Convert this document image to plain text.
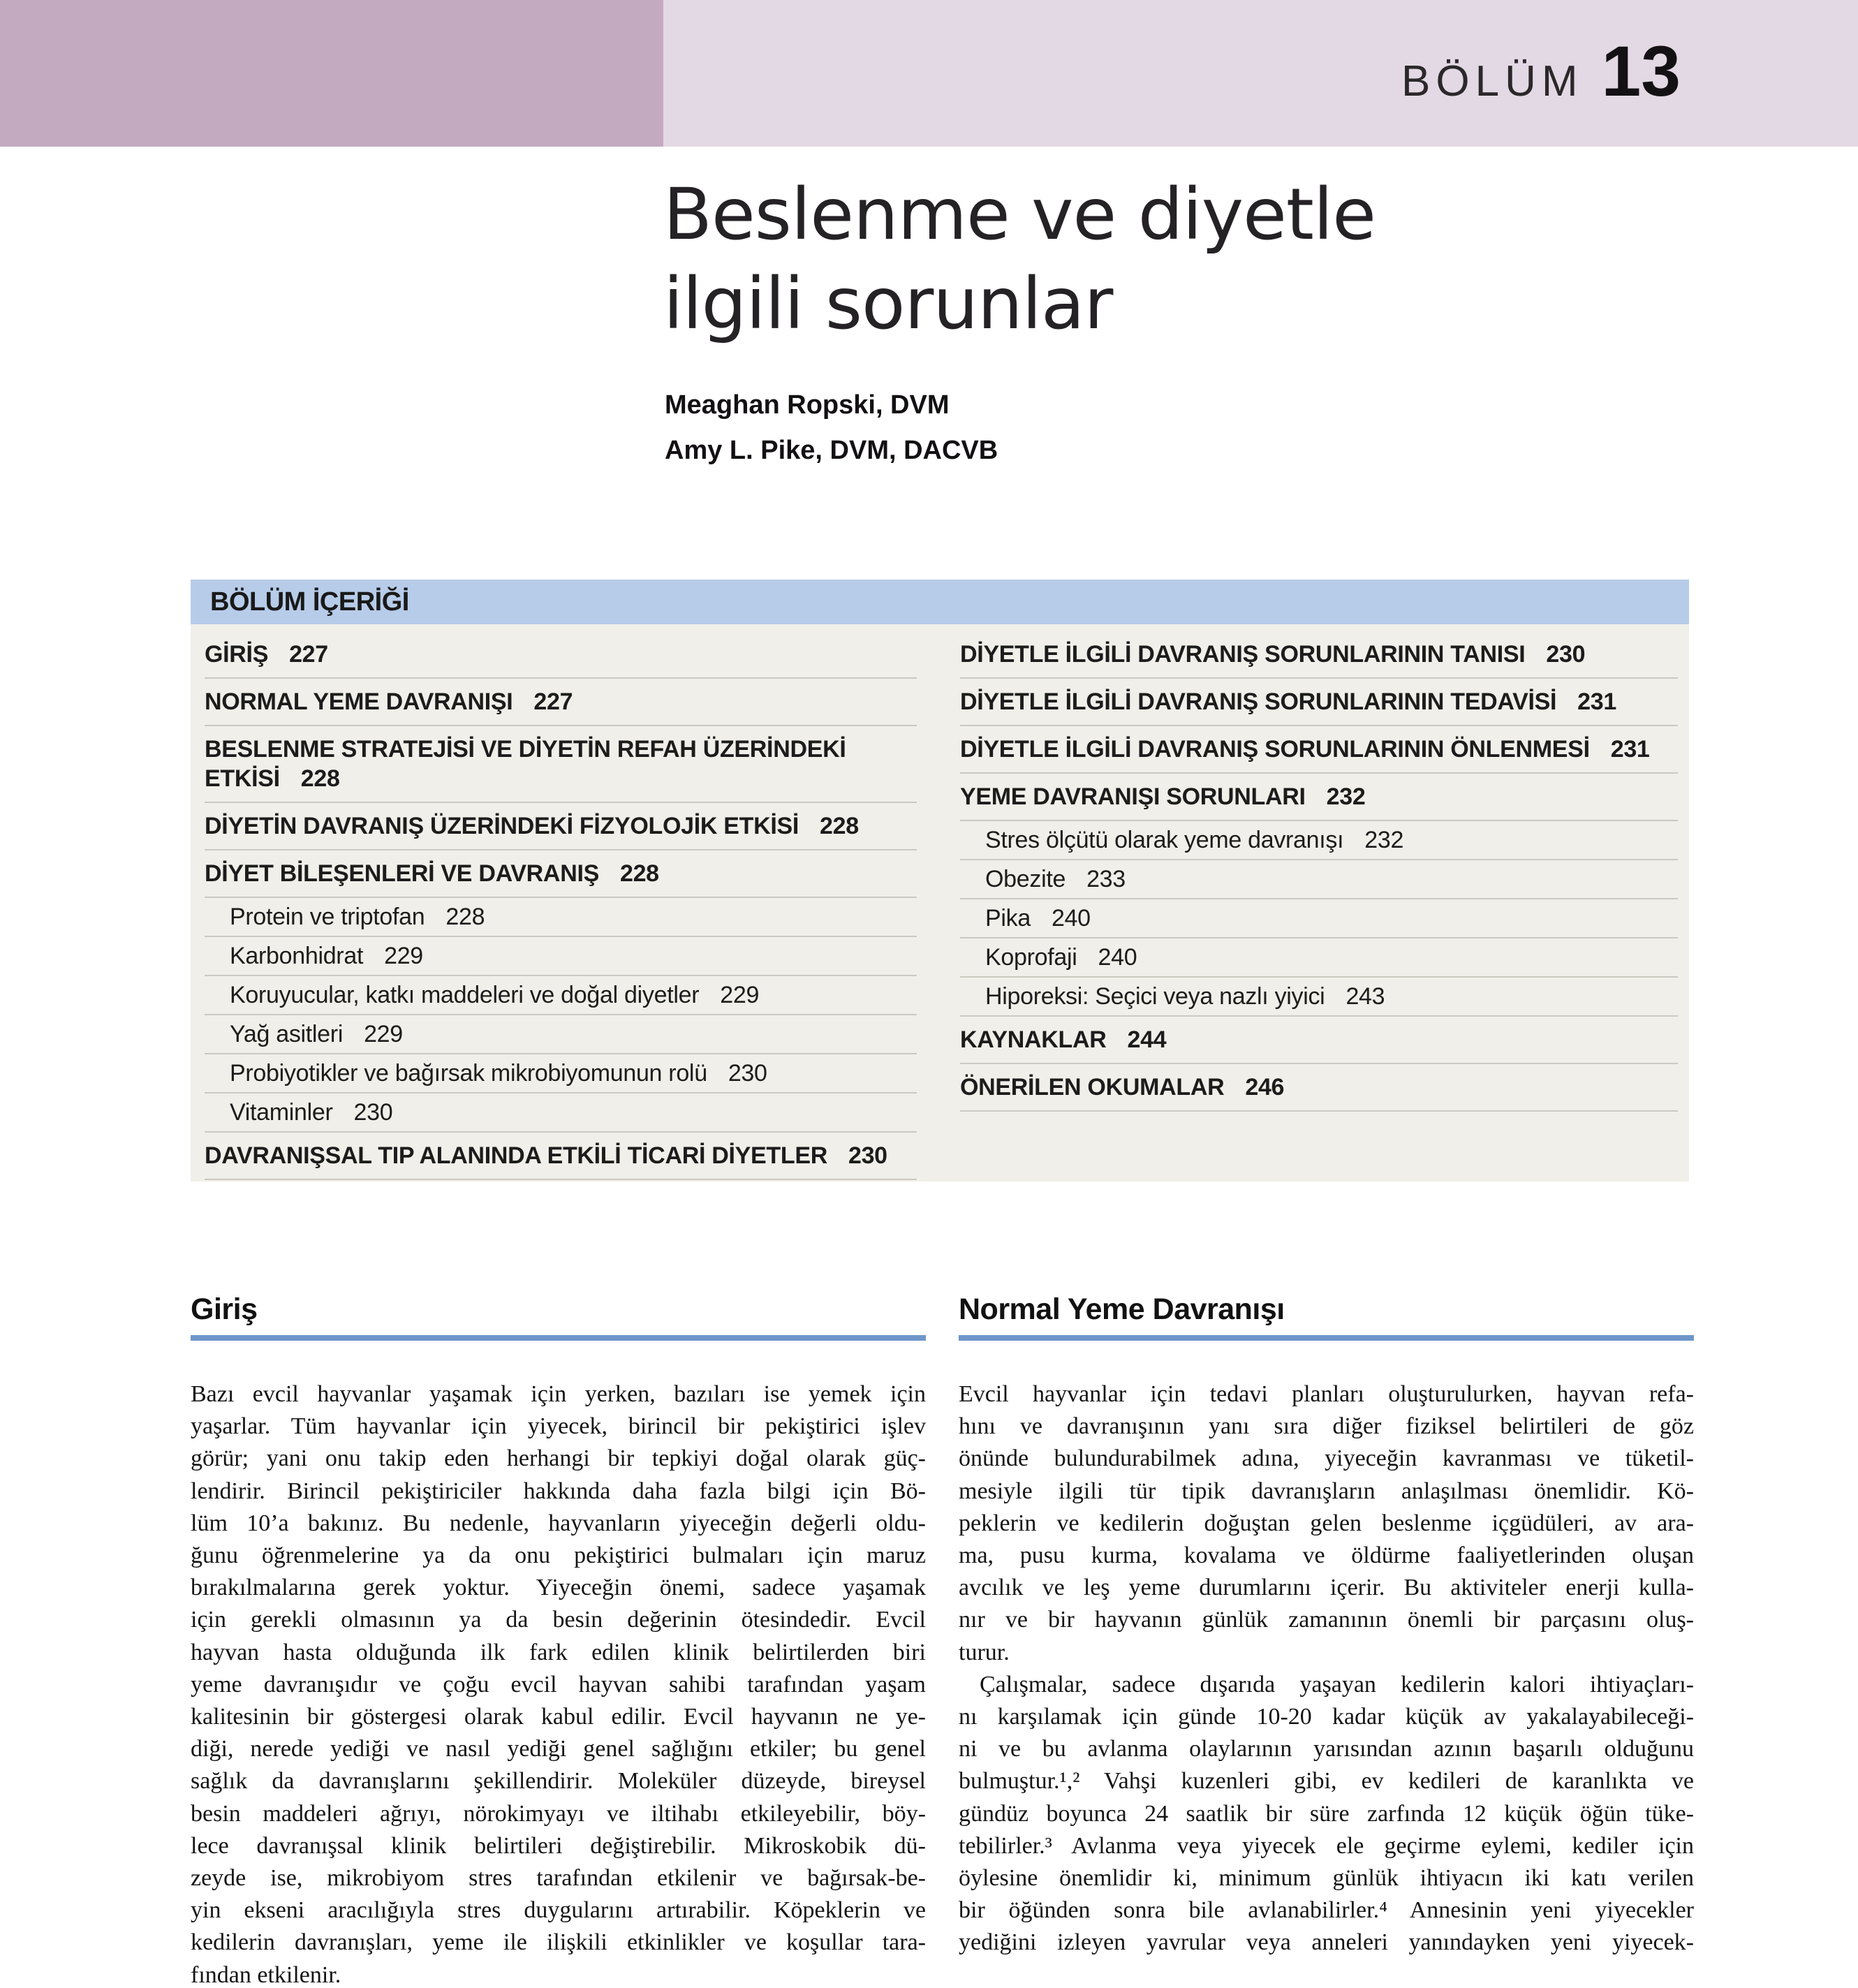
BÖLÜM 13
Beslenme ve diyetle
ilgili sorunlar
Meaghan Ropski, DVM
Amy L. Pike, DVM, DACVB
BÖLÜM İÇERİĞİ
GİRİŞ 227
NORMAL YEME DAVRANIŞI 227
BESLENME STRATEJİSİ VE DİYETİN REFAH ÜZERİNDEKİ ETKİSİ 228
DİYETİN DAVRANIŞ ÜZERİNDEKİ FİZYOLOJİK ETKİSİ 228
DİYET BİLEŞENLERİ VE DAVRANIŞ 228
Protein ve triptofan 228
Karbonhidrat 229
Koruyucular, katkı maddeleri ve doğal diyetler 229
Yağ asitleri 229
Probiyotikler ve bağırsak mikrobiyomunun rolü 230
Vitaminler 230
DAVRANIŞSAL TIP ALANINDA ETKİLİ TİCARİ DİYETLER 230
DİYETLE İLGİLİ DAVRANIŞ SORUNLARININ TANISI 230
DİYETLE İLGİLİ DAVRANIŞ SORUNLARININ TEDAVİSİ 231
DİYETLE İLGİLİ DAVRANIŞ SORUNLARININ ÖNLENMESİ 231
YEME DAVRANIŞI SORUNLARI 232
Stres ölçütü olarak yeme davranışı 232
Obezite 233
Pika 240
Koprofaji 240
Hiporeksi: Seçici veya nazlı yiyici 243
KAYNAKLAR 244
ÖNERİLEN OKUMALAR 246
Giriş
Bazı evcil hayvanlar yaşamak için yerken, bazıları ise yemek için
yaşarlar. Tüm hayvanlar için yiyecek, birincil bir pekiştirici işlev
görür; yani onu takip eden herhangi bir tepkiyi doğal olarak güç-
lendirir. Birincil pekiştiriciler hakkında daha fazla bilgi için Bö-
lüm 10’a bakınız. Bu nedenle, hayvanların yiyeceğin değerli oldu-
ğunu öğrenmelerine ya da onu pekiştirici bulmaları için maruz
bırakılmalarına gerek yoktur. Yiyeceğin önemi, sadece yaşamak
için gerekli olmasının ya da besin değerinin ötesindedir. Evcil
hayvan hasta olduğunda ilk fark edilen klinik belirtilerden biri
yeme davranışıdır ve çoğu evcil hayvan sahibi tarafından yaşam
kalitesinin bir göstergesi olarak kabul edilir. Evcil hayvanın ne ye-
diği, nerede yediği ve nasıl yediği genel sağlığını etkiler; bu genel
sağlık da davranışlarını şekillendirir. Moleküler düzeyde, bireysel
besin maddeleri ağrıyı, nörokimyayı ve iltihabı etkileyebilir, böy-
lece davranışsal klinik belirtileri değiştirebilir. Mikroskobik dü-
zeyde ise, mikrobiyom stres tarafından etkilenir ve bağırsak-be-
yin ekseni aracılığıyla stres duygularını artırabilir. Köpeklerin ve
kedilerin davranışları, yeme ile ilişkili etkinlikler ve koşullar tara-
fından etkilenir.
Normal Yeme Davranışı
Evcil hayvanlar için tedavi planları oluşturulurken, hayvan refa-
hını ve davranışının yanı sıra diğer fiziksel belirtileri de göz
önünde bulundurabilmek adına, yiyeceğin kavranması ve tüketil-
mesiyle ilgili tür tipik davranışların anlaşılması önemlidir. Kö-
peklerin ve kedilerin doğuştan gelen beslenme içgüdüleri, av ara-
ma, pusu kurma, kovalama ve öldürme faaliyetlerinden oluşan
avcılık ve leş yeme durumlarını içerir. Bu aktiviteler enerji kulla-
nır ve bir hayvanın günlük zamanının önemli bir parçasını oluş-
turur.
Çalışmalar, sadece dışarıda yaşayan kedilerin kalori ihtiyaçları-
nı karşılamak için günde 10-20 kadar küçük av yakalayabileceği-
ni ve bu avlanma olaylarının yarısından azının başarılı olduğunu
bulmuştur.¹,² Vahşi kuzenleri gibi, ev kedileri de karanlıkta ve
gündüz boyunca 24 saatlik bir süre zarfında 12 küçük öğün tüke-
tebilirler.³ Avlanma veya yiyecek ele geçirme eylemi, kediler için
öylesine önemlidir ki, minimum günlük ihtiyacın iki katı verilen
bir öğünden sonra bile avlanabilirler.⁴ Annesinin yeni yiyecekler
yediğini izleyen yavrular veya anneleri yanındayken yeni yiyecek-
